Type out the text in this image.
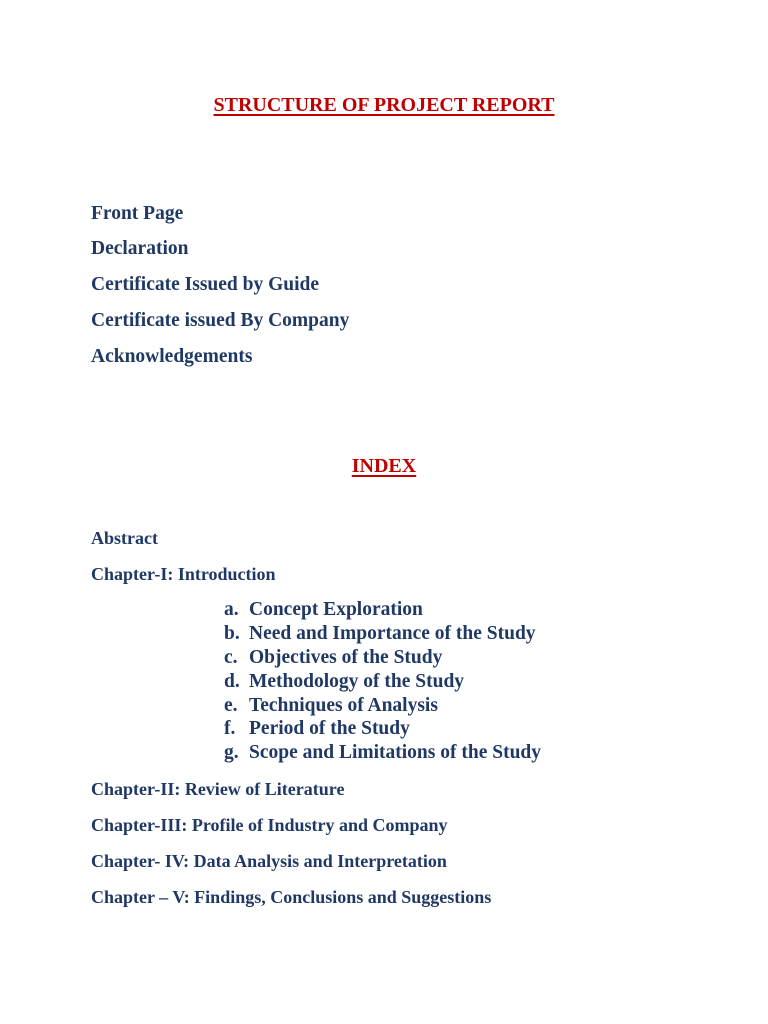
STRUCTURE OF PROJECT REPORT
Front Page
Declaration
Certificate Issued by Guide
Certificate issued By Company
Acknowledgements
INDEX
Abstract
Chapter-I: Introduction
a. Concept Exploration
b. Need and Importance of the Study
c. Objectives of the Study
d. Methodology of the Study
e. Techniques of Analysis
f. Period of the Study
g. Scope and Limitations of the Study
Chapter-II: Review of Literature
Chapter-III: Profile of Industry and Company
Chapter- IV: Data Analysis and Interpretation
Chapter – V: Findings, Conclusions and Suggestions
